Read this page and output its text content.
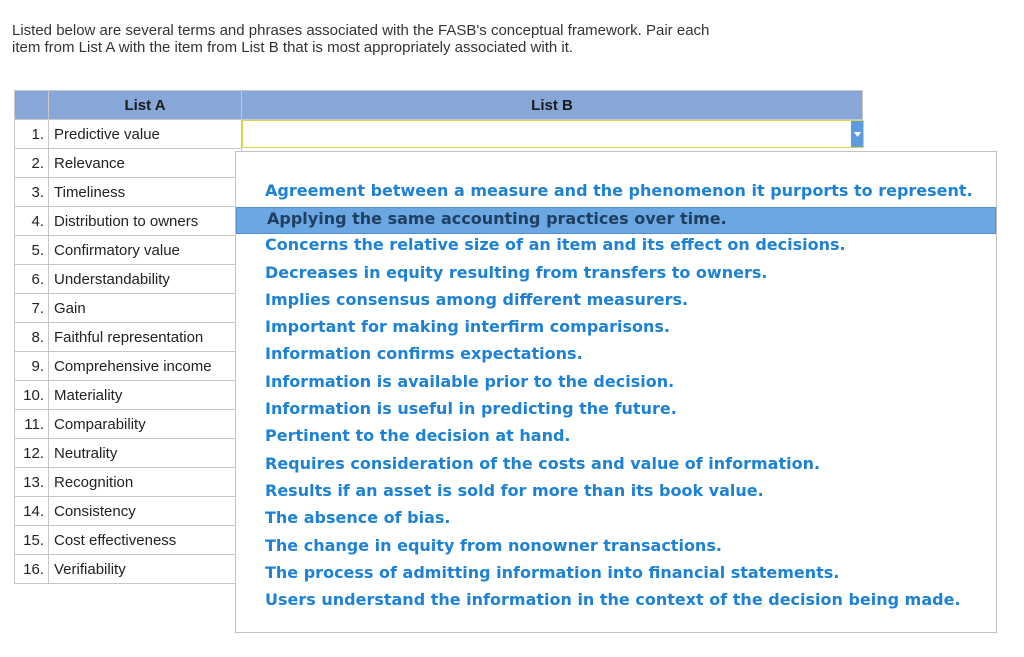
Listed below are several terms and phrases associated with the FASB's conceptual framework. Pair each
item from List A with the item from List B that is most appropriately associated with it.
	List A	List B
1.	Predictive value	
2.	Relevance	
3.	Timeliness	
4.	Distribution to owners	
5.	Confirmatory value	
6.	Understandability	
7.	Gain	
8.	Faithful representation	
9.	Comprehensive income	
10.	Materiality	
11.	Comparability	
12.	Neutrality	
13.	Recognition	
14.	Consistency	
15.	Cost effectiveness	
16.	Verifiability	
Agreement between a measure and the phenomenon it purports to represent.
Applying the same accounting practices over time.
Concerns the relative size of an item and its effect on decisions.
Decreases in equity resulting from transfers to owners.
Implies consensus among different measurers.
Important for making interfirm comparisons.
Information confirms expectations.
Information is available prior to the decision.
Information is useful in predicting the future.
Pertinent to the decision at hand.
Requires consideration of the costs and value of information.
Results if an asset is sold for more than its book value.
The absence of bias.
The change in equity from nonowner transactions.
The process of admitting information into financial statements.
Users understand the information in the context of the decision being made.
